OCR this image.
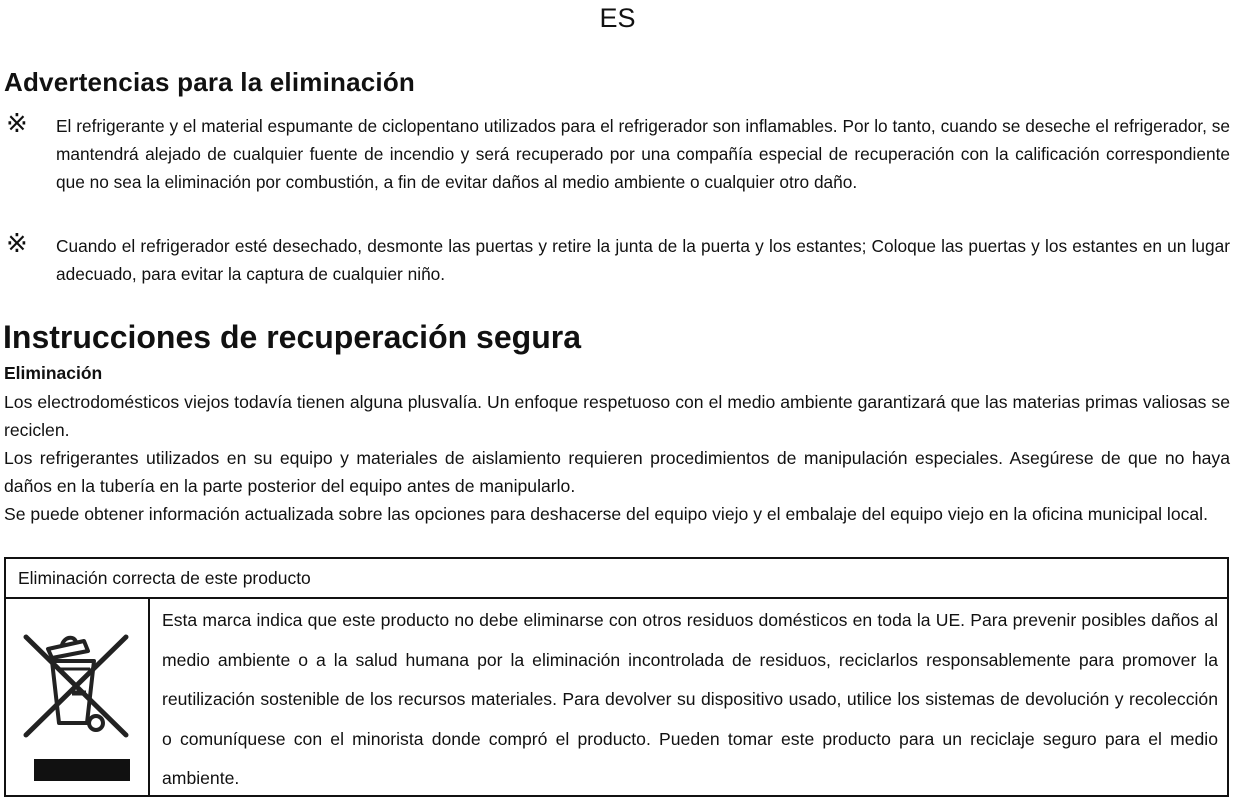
ES
Advertencias para la eliminación
※ El refrigerante y el material espumante de ciclopentano utilizados para el refrigerador son inflamables. Por lo tanto, cuando se deseche el refrigerador, se mantendrá alejado de cualquier fuente de incendio y será recuperado por una compañía especial de recuperación con la calificación correspondiente que no sea la eliminación por combustión, a fin de evitar daños al medio ambiente o cualquier otro daño.
※ Cuando el refrigerador esté desechado, desmonte las puertas y retire la junta de la puerta y los estantes; Coloque las puertas y los estantes en un lugar adecuado, para evitar la captura de cualquier niño.
Instrucciones de recuperación segura
Eliminación
Los electrodomésticos viejos todavía tienen alguna plusvalía. Un enfoque respetuoso con el medio ambiente garantizará que las materias primas valiosas se reciclen.
Los refrigerantes utilizados en su equipo y materiales de aislamiento requieren procedimientos de manipulación especiales. Asegúrese de que no haya daños en la tubería en la parte posterior del equipo antes de manipularlo.
Se puede obtener información actualizada sobre las opciones para deshacerse del equipo viejo y el embalaje del equipo viejo en la oficina municipal local.
Eliminación correcta de este producto
Esta marca indica que este producto no debe eliminarse con otros residuos domésticos en toda la UE. Para prevenir posibles daños al medio ambiente o a la salud humana por la eliminación incontrolada de residuos, reciclarlos responsablemente para promover la reutilización sostenible de los recursos materiales. Para devolver su dispositivo usado, utilice los sistemas de devolución y recolección o comuníquese con el minorista donde compró el producto. Pueden tomar este producto para un reciclaje seguro para el medio ambiente.
